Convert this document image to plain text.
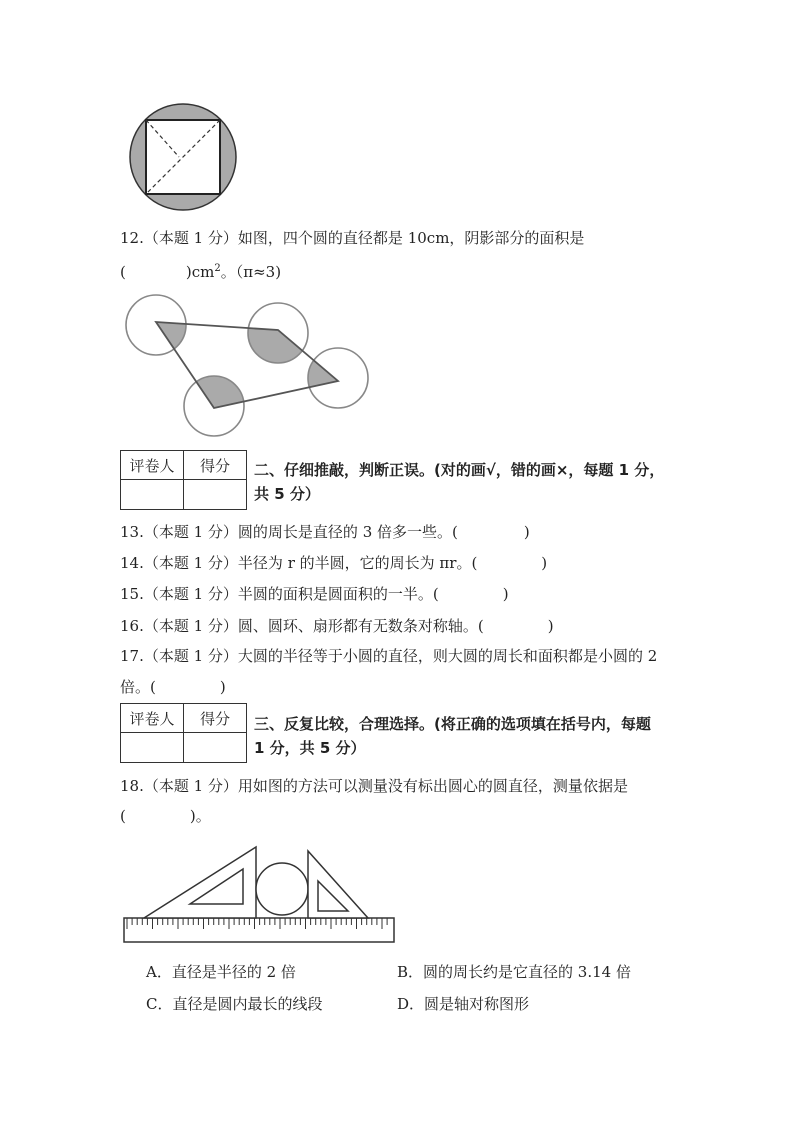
12.（本题 1 分）如图，四个圆的直径都是 10cm，阴影部分的面积是
(	)$cm^2$。（π≈3)
评卷人	得分
	二、仔细推敲，判断正误。(对的画√，错的画×，每题 1 分，
共 5 分）
13.（本题 1 分）圆的周长是直径的 3 倍多一些。(	)
14.（本题 1 分）半径为 r 的半圆，它的周长为 πr。(	)
15.（本题 1 分）半圆的面积是圆面积的一半。(	)
16.（本题 1 分）圆、圆环、扇形都有无数条对称轴。(	)
17.（本题 1 分）大圆的半径等于小圆的直径，则大圆的周长和面积都是小圆的 2
倍。(	)
评卷人	得分
	三、反复比较，合理选择。(将正确的选项填在括号内，每题
1 分，共 5 分）
18.（本题 1 分）用如图的方法可以测量没有标出圆心的圆直径，测量依据是
(	)。
A．直径是半径的 2 倍	B．圆的周长约是它直径的 3.14 倍
C．直径是圆内最长的线段	D．圆是轴对称图形
